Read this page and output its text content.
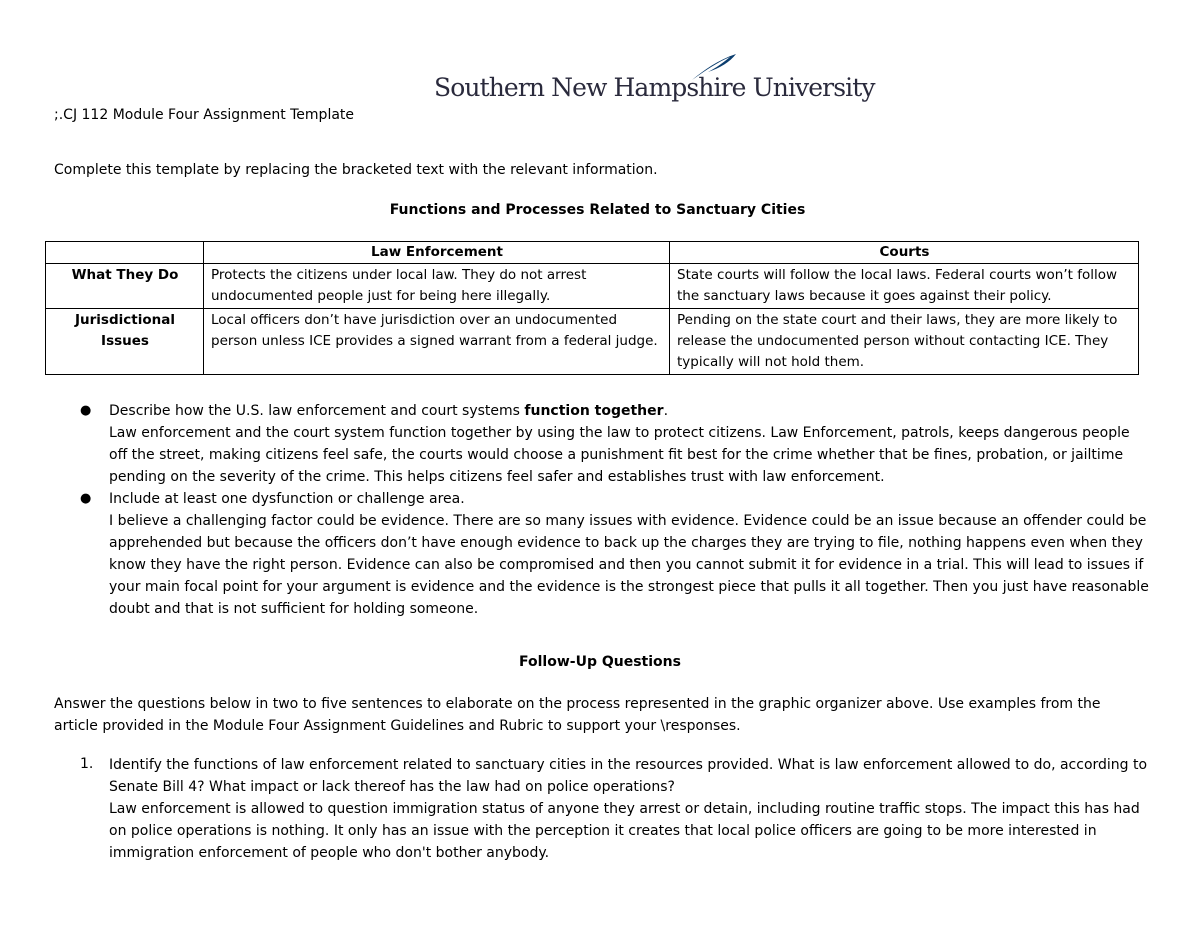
Southern New Hampshire University
;.CJ 112 Module Four Assignment Template
Complete this template by replacing the bracketed text with the relevant information.
Functions and Processes Related to Sanctuary Cities
	Law Enforcement	Courts
What They Do	Protects the citizens under local law. They do not arrest undocumented people just for being here illegally.	State courts will follow the local laws. Federal courts won’t follow the sanctuary laws because it goes against their policy.
Jurisdictional Issues	Local officers don’t have jurisdiction over an undocumented person unless ICE provides a signed warrant from a federal judge.	Pending on the state court and their laws, they are more likely to release the undocumented person without contacting ICE. They typically will not hold them.
● Describe how the U.S. law enforcement and court systems function together.
Law enforcement and the court system function together by using the law to protect citizens. Law Enforcement, patrols, keeps dangerous people off the street, making citizens feel safe, the courts would choose a punishment fit best for the crime whether that be fines, probation, or jailtime pending on the severity of the crime. This helps citizens feel safer and establishes trust with law enforcement.
● Include at least one dysfunction or challenge area.
I believe a challenging factor could be evidence. There are so many issues with evidence. Evidence could be an issue because an offender could be apprehended but because the officers don’t have enough evidence to back up the charges they are trying to file, nothing happens even when they know they have the right person. Evidence can also be compromised and then you cannot submit it for evidence in a trial. This will lead to issues if your main focal point for your argument is evidence and the evidence is the strongest piece that pulls it all together. Then you just have reasonable doubt and that is not sufficient for holding someone.
Follow-Up Questions
Answer the questions below in two to five sentences to elaborate on the process represented in the graphic organizer above. Use examples from the article provided in the Module Four Assignment Guidelines and Rubric to support your \responses.
1. Identify the functions of law enforcement related to sanctuary cities in the resources provided. What is law enforcement allowed to do, according to Senate Bill 4? What impact or lack thereof has the law had on police operations?
Law enforcement is allowed to question immigration status of anyone they arrest or detain, including routine traffic stops. The impact this has had on police operations is nothing. It only has an issue with the perception it creates that local police officers are going to be more interested in immigration enforcement of people who don't bother anybody.
